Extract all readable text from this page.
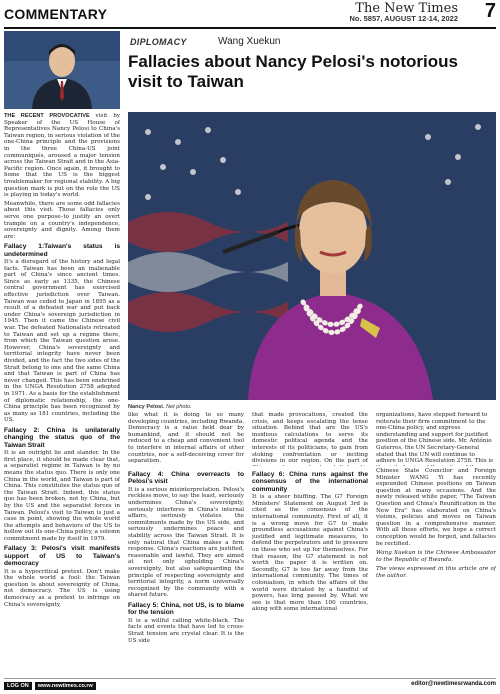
COMMENTARY	The New Times
No. 5857, AUGUST 12-14, 2022 7
DIPLOMACY	Wang Xuekun
Fallacies about Nancy Pelosi's notorious visit to Taiwan
Nancy Pelosi. Net photo.

THE RECENT PROVOCATIVE visit by Speaker of the US House of Representatives Nancy Pelosi to China's Taiwan region, in serious violation of the one-China principle and the provisions in the three China-US joint communiqués, aroused a major tension across the Taiwan Strait and in the Asia-Pacific region. Once again, it brought to home that the US is the biggest troublemaker for regional stability. A big question mark is put on the role the US is playing in today's world.

Meanwhile, there are some odd fallacies about this visit. Those fallacies only serve one purpose–to justify an overt trample on a country's independence, sovereignty and dignity. Among them are:

Fallacy 1:Taiwan's status is undetermined

It's a disregard of the history and legal facts. Taiwan has been an inalienable part of China's since ancient times. Since as early as 1335, the Chinese central government has exercised effective jurisdiction over Taiwan. Taiwan was ceded to Japan in 1895 as a result of a defeated war and put back under China's sovereign jurisdiction in 1945. Then it came the Chinese civil war. The defeated Nationalists retreated to Taiwan and set up a regime there, from which the Taiwan question arose. However, China's sovereignty and territorial integrity have never been divided, and the fact the two sides of the Strait belong to one and the same China and that Taiwan is part of China has never changed. This has been enshrined in the UNGA Resolution 2758 adopted in 1971. As a basis for the establishment of diplomatic relationship, the one-China principle has been recognized by as many as 181 countries, including the US.

Fallacy 2: China is unilaterally changing the status quo of the Taiwan Strait

It is an outright lie and slander. In the first place, it should be made clear that, a separatist regime in Taiwan is by no means the status quo. There is only one China in the world, and Taiwan is part of China. This constitutes the status quo of the Taiwan Strait. Indeed, this status quo has been broken, not by China, but by the US and the separatist forces in Taiwan. Pelosi's visit to Taiwan is just a case in point, showing the whole world the attempts and behaviors of the US to hollow out its one-China policy, a solemn commitment made by itself in 1979.

Fallacy 3: Pelosi's visit manifests support of US to Taiwan's democracy

It is a hypocritical pretext. Don't make the whole world a fool: the Taiwan question is about sovereignty of China, not democracy. The US is using democracy as a pretext to infringe on China's sovereignty,

like what it is doing to so many developing countries, including Rwanda. Democracy is a value held dear by humankind, and it should not be reduced to a cheap and convenient tool to interfere in internal affairs of other countries, nor a self-deceiving cover for separatism.
Fallacy 4: China overreacts to Pelosi's visit

It is a serious misinterpretation. Pelosi's reckless move, to say the least, seriously undermines China's sovereignty, seriously interferes in China's internal affairs, seriously violates the commitments made by the US side, and seriously undermines peace and stability across the Taiwan Strait. It is only natural that China makes a firm response. China's reactions are justified, reasonable and lawful. They are aimed at not only upholding China's sovereignty, but also safeguarding the principle of respecting sovereignty and territorial integrity, a norm universally recognized by the community with a shared future.

Fallacy 5: China, not US, is to blame for the tension

It is a willful calling white-black. The facts and events that have led to cross-Strait tension are crystal clear. It is the US side

that made provocations, created the crisis, and keeps escalating the tense situation. Behind that are the US's insidious calculations to serve its domestic political agenda and the interests of its politicians, to gain from stoking confrontation or inciting divisions in our region. On the part of
Fallacy 6: China runs against the consensus of the international community

It is a sheer bluffing. The G7 Foreign Ministers' Statement on August 3rd is cited as the consensus of the international community. First of all, it is a wrong move for G7 to make groundless accusations against China's justified and legitimate measures, to defend the perpetrators and to pressure on those who set up for themselves. For that reason, the G7 statement is not worth the paper it is written on. Secondly, G7 is too far away from the international community. The times of colonialism, in which the affairs of the world were dictated by a handful of powers, has long passed by. What we see is that more than 100 countries, along with some international

organizations, have stepped forward to reiterate their firm commitment to the one-China policy, and express understanding and support for justified position of the Chinese side. Mr. António Guterres, the UN Secretary-General stated that the UN will continue to adhere to UNGA Resolution 2758. This is

Chinese State Councilor and Foreign Minister WANG Yi has recently expounded Chinese positions on Taiwan question at many occasions. And the newly released white paper, "The Taiwan Question and China's Reunification in the New Era" has elaborated on China's visions, policies and moves on Taiwan question in a comprehensive manner. With all those efforts, we hope a correct conception would be forged, and fallacies be rectified.

Wang Xuekun is the Chinese Ambassador to the Republic of Rwanda.

The views expressed in this article are of the author.

LOG ON	www.newtimes.co.rw	editor@newtimesrwanda.com
